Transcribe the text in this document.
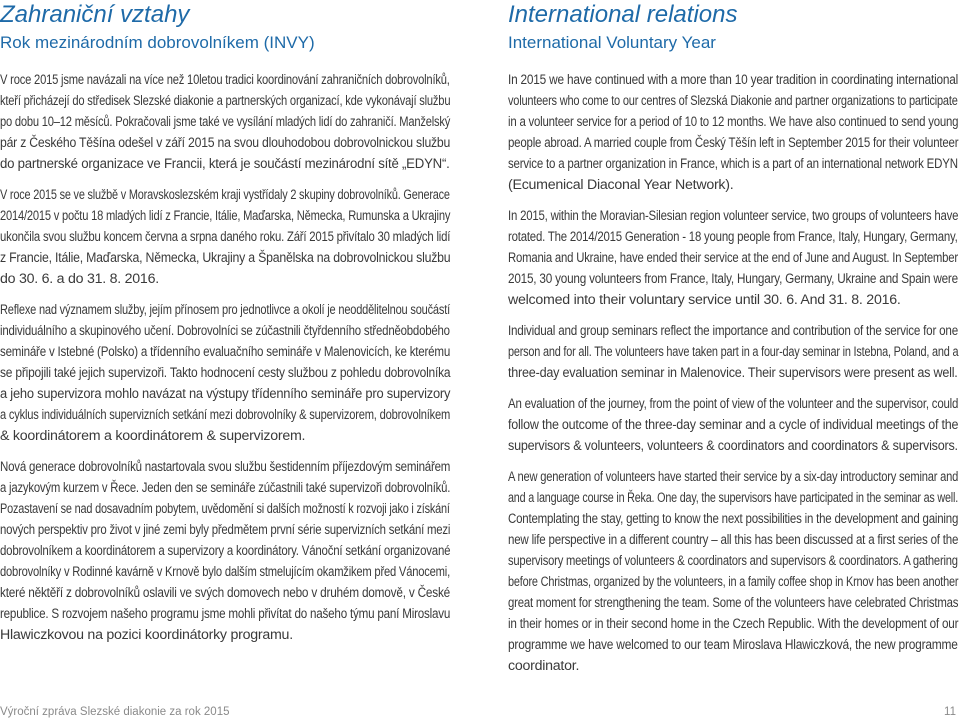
Zahraniční vztahy
Rok mezinárodním dobrovolníkem (INVY)
V roce 2015 jsme navázali na více než 10letou tradici koordinování zahraničních dobrovolníků,
kteří přicházejí do středisek Slezské diakonie a partnerských organizací, kde vykonávají službu
po dobu 10–12 měsíců. Pokračovali jsme také ve vysílání mladých lidí do zahraničí. Manželský
pár z Českého Těšína odešel v září 2015 na svou dlouhodobou dobrovolnickou službu
do partnerské organizace ve Francii, která je součástí mezinárodní sítě „EDYN“.
V roce 2015 se ve službě v Moravskoslezském kraji vystřídaly 2 skupiny dobrovolníků. Generace
2014/2015 v počtu 18 mladých lidí z Francie, Itálie, Maďarska, Německa, Rumunska a Ukrajiny
ukončila svou službu koncem června a srpna daného roku. Září 2015 přivítalo 30 mladých lidí
z Francie, Itálie, Maďarska, Německa, Ukrajiny a Španělska na dobrovolnickou službu
do 30. 6. a do 31. 8. 2016.
Reflexe nad významem služby, jejím přínosem pro jednotlivce a okolí je neoddělitelnou součástí
individuálního a skupinového učení. Dobrovolníci se zúčastnili čtyřdenního středněobdobého
semináře v Istebné (Polsko) a třídenního evaluačního semináře v Malenovicích, ke kterému
se připojili také jejich supervizoři. Takto hodnocení cesty službou z pohledu dobrovolníka
a jeho supervizora mohlo navázat na výstupy třídenního semináře pro supervizory
a cyklus individuálních supervizních setkání mezi dobrovolníky & supervizorem, dobrovolníkem
& koordinátorem a koordinátorem & supervizorem.
Nová generace dobrovolníků nastartovala svou službu šestidenním příjezdovým seminářem
a jazykovým kurzem v Řece. Jeden den se semináře zúčastnili také supervizoři dobrovolníků.
Pozastavení se nad dosavadním pobytem, uvědomění si dalších možností k rozvoji jako i získání
nových perspektiv pro život v jiné zemi byly předmětem první série supervizních setkání mezi
dobrovolníkem a koordinátorem a supervizory a koordinátory. Vánoční setkání organizované
dobrovolníky v Rodinné kavárně v Krnově bylo dalším stmelujícím okamžikem před Vánocemi,
které něktěří z dobrovolníků oslavili ve svých domovech nebo v druhém domově, v České
republice. S rozvojem našeho programu jsme mohli přivítat do našeho týmu paní Miroslavu
Hlawiczkovou na pozici koordinátorky programu.
International relations
International Voluntary Year
In 2015 we have continued with a more than 10 year tradition in coordinating international
volunteers who come to our centres of Slezská Diakonie and partner organizations to participate
in a volunteer service for a period of 10 to 12 months. We have also continued to send young
people abroad. A married couple from Český Těšín left in September 2015 for their volunteer
service to a partner organization in France, which is a part of an international network EDYN
(Ecumenical Diaconal Year Network).
In 2015, within the Moravian-Silesian region volunteer service, two groups of volunteers have
rotated. The 2014/2015 Generation - 18 young people from France, Italy, Hungary, Germany,
Romania and Ukraine, have ended their service at the end of June and August. In September
2015, 30 young volunteers from France, Italy, Hungary, Germany, Ukraine and Spain were
welcomed into their voluntary service until 30. 6. And 31. 8. 2016.
Individual and group seminars reflect the importance and contribution of the service for one
person and for all. The volunteers have taken part in a four-day seminar in Istebna, Poland, and a
three-day evaluation seminar in Malenovice. Their supervisors were present as well.
An evaluation of the journey, from the point of view of the volunteer and the supervisor, could
follow the outcome of the three-day seminar and a cycle of individual meetings of the
supervisors & volunteers, volunteers & coordinators and coordinators & supervisors.
A new generation of volunteers have started their service by a six-day introductory seminar and
and a language course in Řeka. One day, the supervisors have participated in the seminar as well.
Contemplating the stay, getting to know the next possibilities in the development and gaining
new life perspective in a different country – all this has been discussed at a first series of the
supervisory meetings of volunteers & coordinators and supervisors & coordinators. A gathering
before Christmas, organized by the volunteers, in a family coffee shop in Krnov has been another
great moment for strengthening the team. Some of the volunteers have celebrated Christmas
in their homes or in their second home in the Czech Republic. With the development of our
programme we have welcomed to our team Miroslava Hlawiczková, the new programme
coordinator.
Výroční zpráva Slezské diakonie za rok 2015	11
